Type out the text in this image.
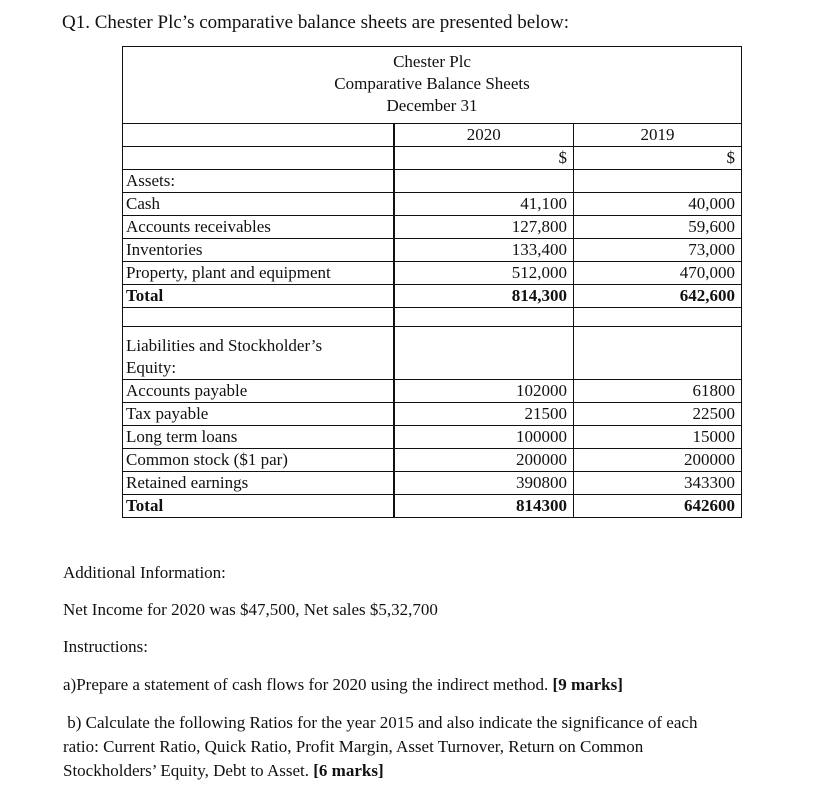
Q1. Chester Plc’s comparative balance sheets are presented below:
Chester Plc
Comparative Balance Sheets
December 31		

	2020	2019
	$	$
Assets:		
Cash	41,100	40,000
Accounts receivables	127,800	59,600
Inventories	133,400	73,000
Property, plant and equipment	512,000	470,000
Total	814,300	642,600

Liabilities and Stockholder’s
Equity:		

Accounts payable	102000	61800
Tax payable	21500	22500
Long term loans	100000	15000
Common stock ($1 par)	200000	200000
Retained earnings	390800	343300
Total	814300	642600
Additional Information:
Net Income for 2020 was $47,500, Net sales $5,32,700
Instructions:
a)Prepare a statement of cash flows for 2020 using the indirect method. [9 marks]
b) Calculate the following Ratios for the year 2015 and also indicate the significance of each
ratio: Current Ratio, Quick Ratio, Profit Margin, Asset Turnover, Return on Common
Stockholders’ Equity, Debt to Asset. [6 marks]
